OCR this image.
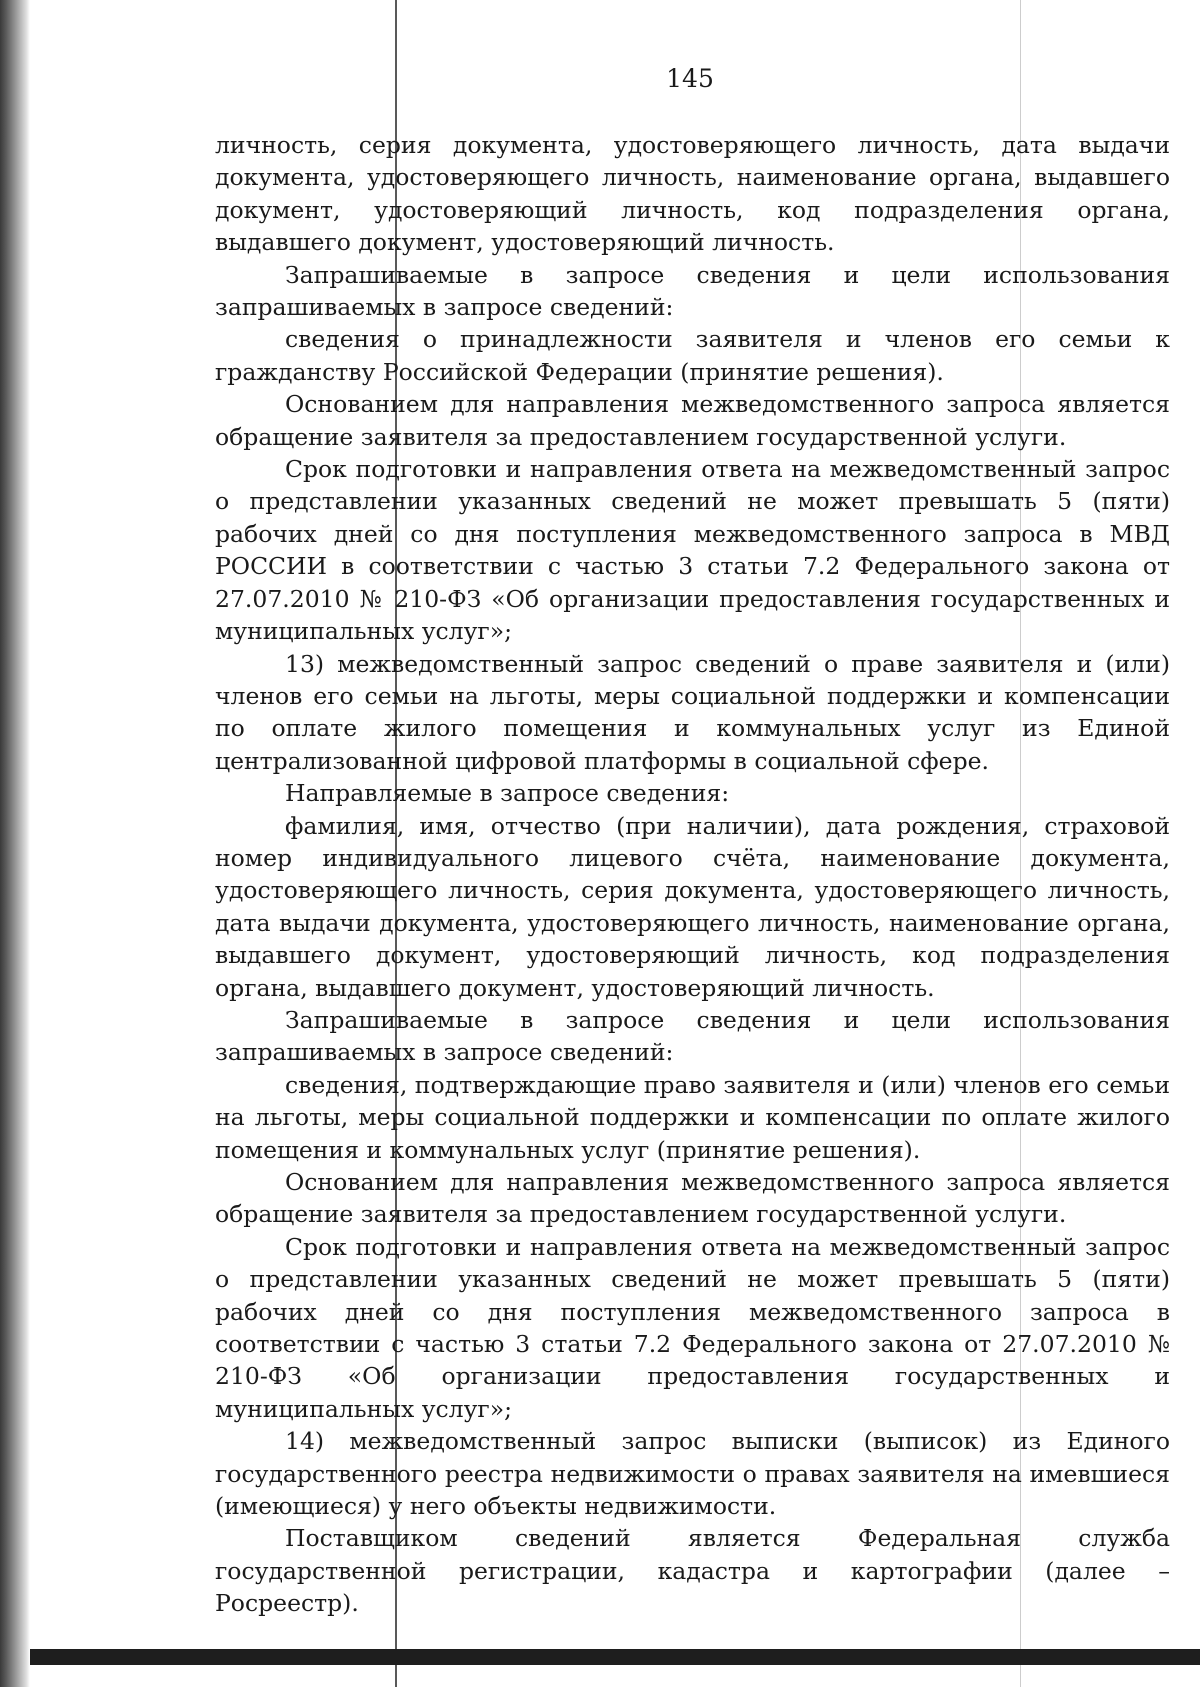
145

личность, серия документа, удостоверяющего личность, дата выдачи документа, удостоверяющего личность, наименование органа, выдавшего документ, удостоверяющий личность, код подразделения органа, выдавшего документ, удостоверяющий личность.

Запрашиваемые в запросе сведения и цели использования запрашиваемых в запросе сведений:

сведения о принадлежности заявителя и членов его семьи к гражданству Российской Федерации (принятие решения).

Основанием для направления межведомственного запроса является обращение заявителя за предоставлением государственной услуги.

Срок подготовки и направления ответа на межведомственный запрос о представлении указанных сведений не может превышать 5 (пяти) рабочих дней со дня поступления межведомственного запроса в МВД РОССИИ в соответствии с частью 3 статьи 7.2 Федерального закона от 27.07.2010 № 210-ФЗ «Об организации предоставления государственных и муниципальных услуг»;

13) межведомственный запрос сведений о праве заявителя и (или) членов его семьи на льготы, меры социальной поддержки и компенсации по оплате жилого помещения и коммунальных услуг из Единой централизованной цифровой платформы в социальной сфере.

Направляемые в запросе сведения:

фамилия, имя, отчество (при наличии), дата рождения, страховой номер индивидуального лицевого счёта, наименование документа, удостоверяющего личность, серия документа, удостоверяющего личность, дата выдачи документа, удостоверяющего личность, наименование органа, выдавшего документ, удостоверяющий личность, код подразделения органа, выдавшего документ, удостоверяющий личность.

Запрашиваемые в запросе сведения и цели использования запрашиваемых в запросе сведений:

сведения, подтверждающие право заявителя и (или) членов его семьи на льготы, меры социальной поддержки и компенсации по оплате жилого помещения и коммунальных услуг (принятие решения).

Основанием для направления межведомственного запроса является обращение заявителя за предоставлением государственной услуги.

Срок подготовки и направления ответа на межведомственный запрос о представлении указанных сведений не может превышать 5 (пяти) рабочих дней со дня поступления межведомственного запроса в соответствии с частью 3 статьи 7.2 Федерального закона от 27.07.2010 № 210-ФЗ «Об организации предоставления государственных и муниципальных услуг»;

14) межведомственный запрос выписки (выписок) из Единого государственного реестра недвижимости о правах заявителя на имевшиеся (имеющиеся) у него объекты недвижимости.

Поставщиком сведений является Федеральная служба государственной регистрации, кадастра и картографии (далее – Росреестр).
